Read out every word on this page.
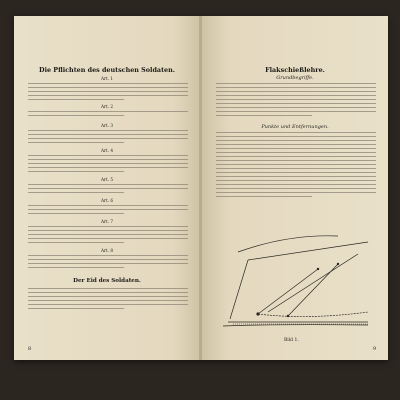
Die Pflichten des deutschen Soldaten.
Art. 1
Art. 2
Art. 3
Art. 4
Art. 5
Art. 6
Art. 7
Art. 8
Der Eid des Soldaten.
8
Flakschießlehre.
Grundbegriffe.
Punkte und Entfernungen.
Bild 1.
9
